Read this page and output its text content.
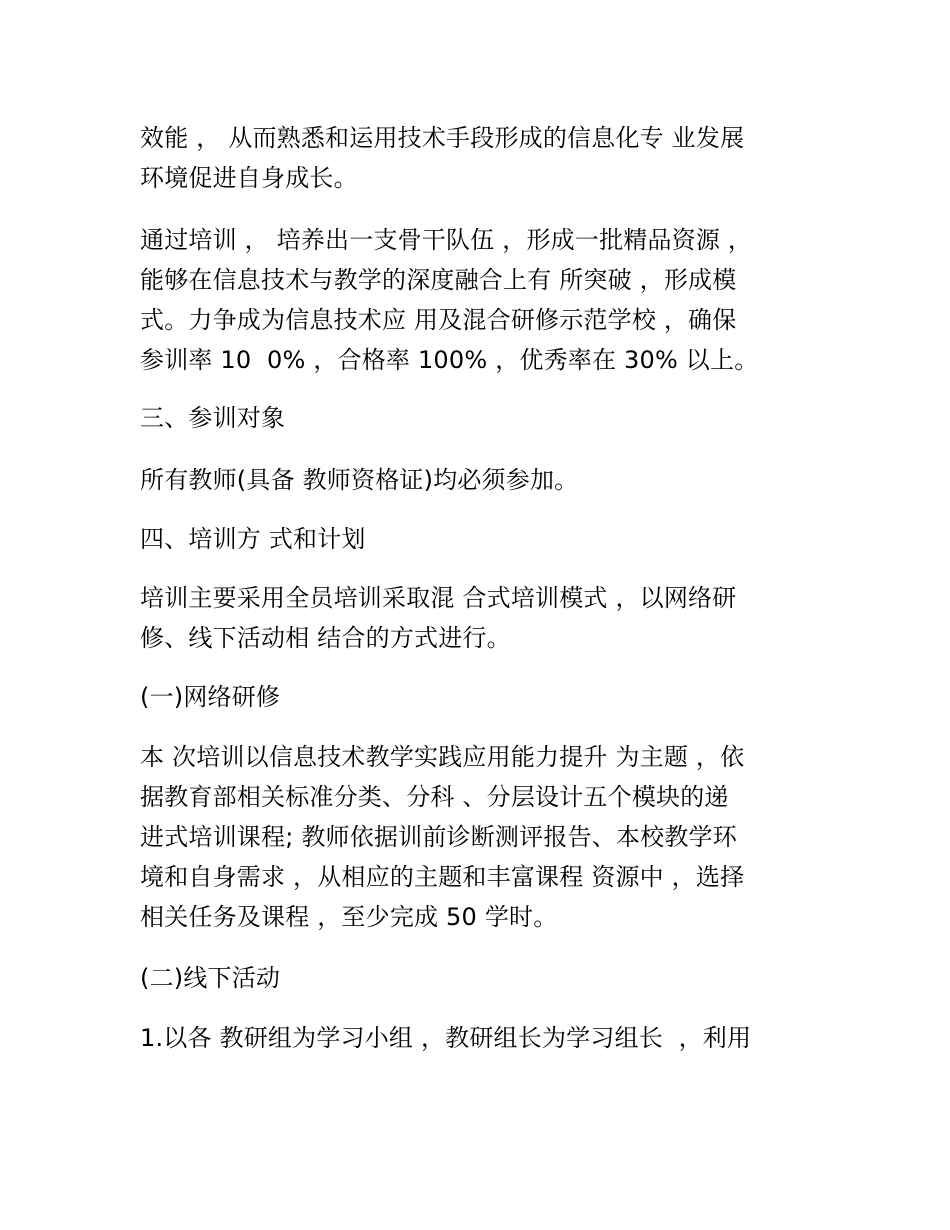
效能 ， 从而熟悉和运用技术手段形成的信息化专 业发展
环境促进自身成长。
通过培训 ， 培养出一支骨干队伍 ，形成一批精品资源 ，
能够在信息技术与教学的深度融合上有 所突破 ，形成模
式。力争成为信息技术应 用及混合研修示范学校 ，确保
参训率 10  0% ，合格率 100% ，优秀率在 30% 以上。
三、参训对象
所有教师(具备 教师资格证)均必须参加。
四、培训方 式和计划
培训主要采用全员培训采取混 合式培训模式 ，以网络研
修、线下活动相 结合的方式进行。
(一)网络研修
本 次培训以信息技术教学实践应用能力提升 为主题 ，依
据教育部相关标准分类、分科 、分层设计五个模块的递
进式培训课程; 教师依据训前诊断测评报告、本校教学环
境和自身需求 ，从相应的主题和丰富课程 资源中 ，选择
相关任务及课程 ，至少完成 50 学时。
(二)线下活动
1.以各 教研组为学习小组 ，教研组长为学习组长  ，利用
